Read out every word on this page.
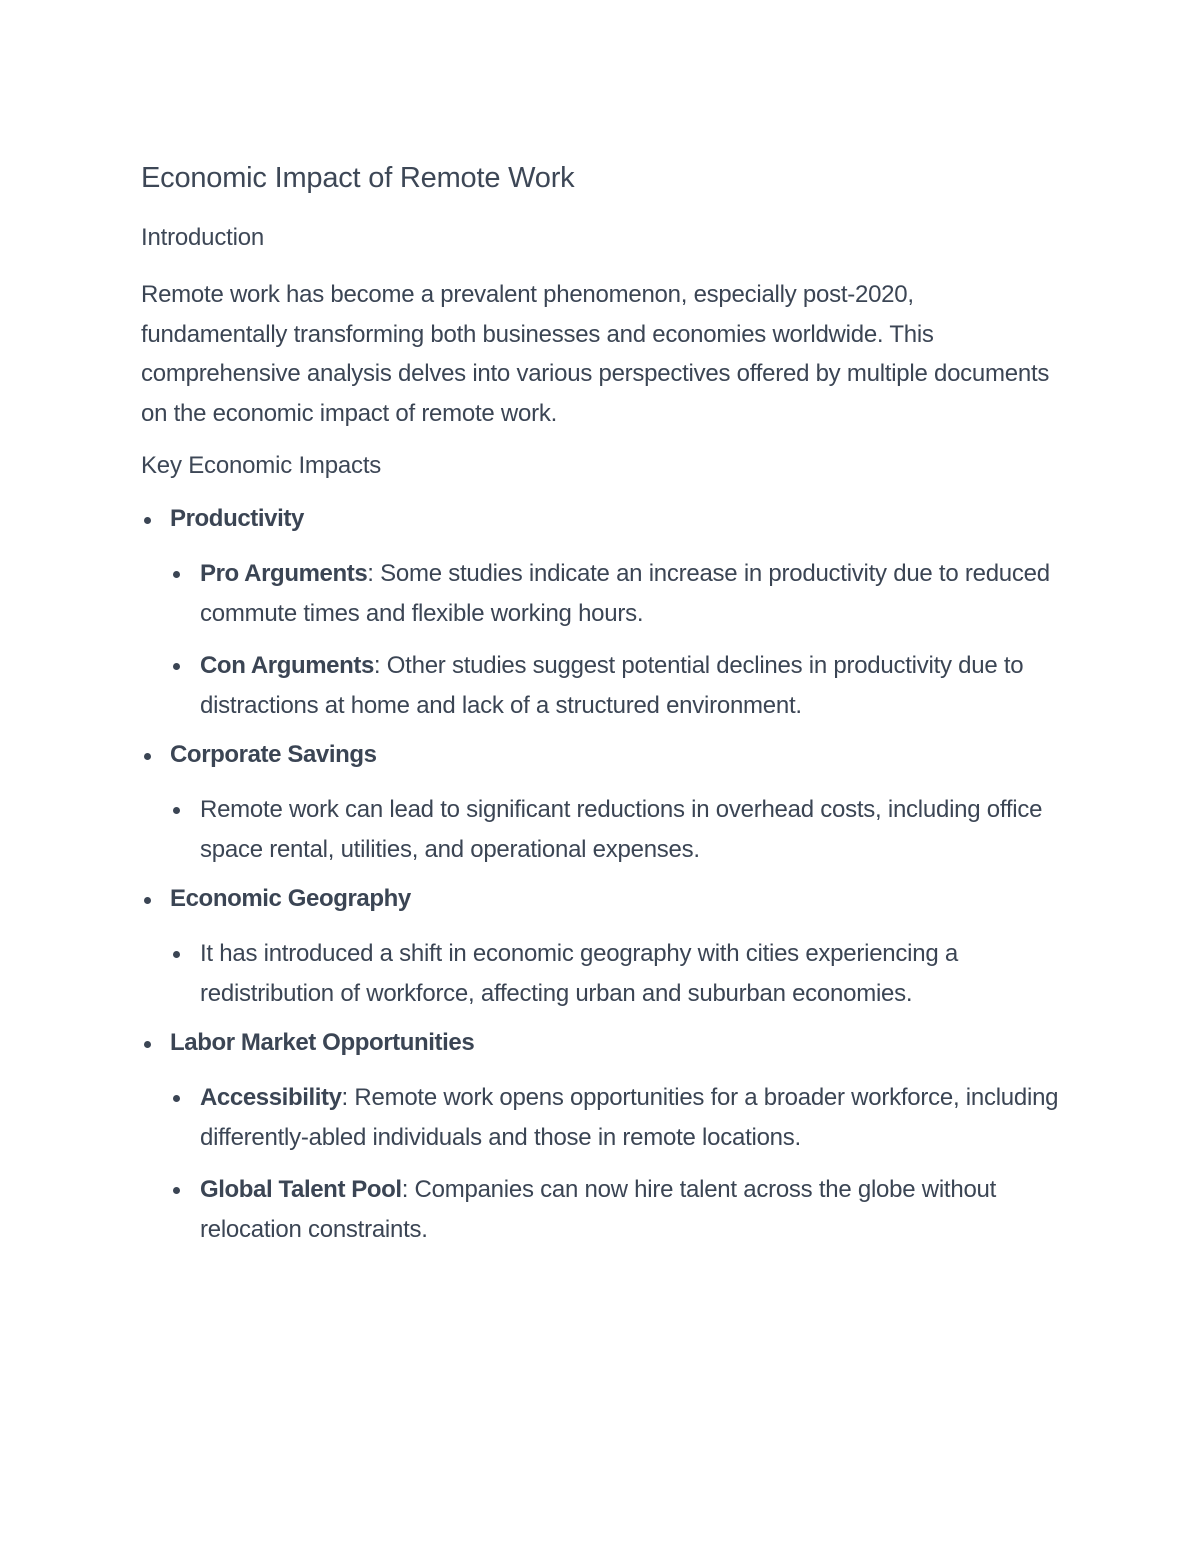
Economic Impact of Remote Work
Introduction

Remote work has become a prevalent phenomenon, especially post-2020, fundamentally transforming both businesses and economies worldwide. This comprehensive analysis delves into various perspectives offered by multiple documents on the economic impact of remote work.

Key Economic Impacts
Productivity
Pro Arguments: Some studies indicate an increase in productivity due to reduced commute times and flexible working hours.
Con Arguments: Other studies suggest potential declines in productivity due to distractions at home and lack of a structured environment.
Corporate Savings
Remote work can lead to significant reductions in overhead costs, including office space rental, utilities, and operational expenses.
Economic Geography
It has introduced a shift in economic geography with cities experiencing a redistribution of workforce, affecting urban and suburban economies.
Labor Market Opportunities
Accessibility: Remote work opens opportunities for a broader workforce, including differently-abled individuals and those in remote locations.
Global Talent Pool: Companies can now hire talent across the globe without relocation constraints.
